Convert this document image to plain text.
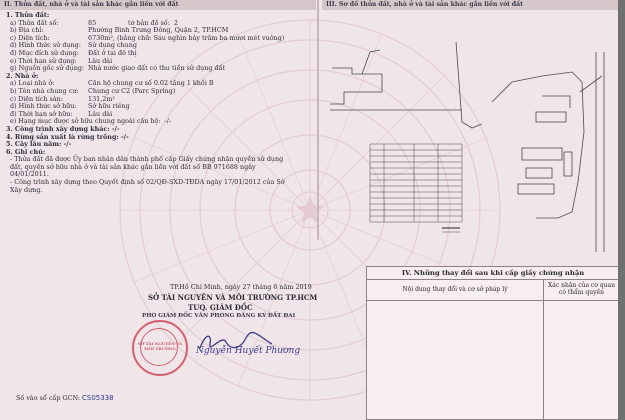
II. Thửa đất, nhà ở và tài sản khác gắn liền với đất	III. Sơ đồ thửa đất, nhà ở và tài sản khác gắn liền với đất
1. Thửa đất:
a) Thửa đất số:	85	tờ bản đồ số: 2
b) Địa chỉ:	Phường Bình Trưng Đông, Quận 2, TP.HCM
c) Diện tích:	6730m², (bằng chữ: Sáu nghìn bảy trăm ba mươi mét vuông)
d) Hình thức sử dụng:	Sử dụng chung
đ) Mục đích sử dụng:	Đất ở tại đô thị
e) Thời hạn sử dụng:	Lâu dài
g) Nguồn gốc sử dụng: Nhà nước giao đất có thu tiền sử dụng đất
2. Nhà ở:
a) Loại nhà ở:	Căn hộ chung cư số 0.02 tầng 1 khối B
b) Tên nhà chung cư:	Chung cư C2 (Parc Spring)
c) Diện tích sàn:	131,2m²
d) Hình thức sở hữu:	Sở hữu riêng
đ) Thời hạn sở hữu:	Lâu dài
e) Hạng mục được sở hữu chung ngoài căn hộ: -/-
3. Công trình xây dựng khác: -/-
4. Rừng sản xuất là rừng trồng: -/-
5. Cây lâu năm: -/-
6. Ghi chú:
- Thửa đất đã được Ủy ban nhân dân thành phố cấp Giấy chứng nhận quyền sử dụng đất, quyền sở hữu nhà ở và tài sản khác gắn liền với đất số BB 971688 ngày 04/01/2011.
- Công trình xây dựng theo Quyết định số 02/QĐ-SXD-TĐDA ngày 17/01/2012 của Sở Xây dựng.
TP.Hồ Chí Minh, ngày 27 tháng 6 năm 2019
SỞ TÀI NGUYÊN VÀ MÔI TRƯỜNG TP.HCM
TUQ. GIÁM ĐỐC
PHÓ GIÁM ĐỐC VĂN PHÒNG ĐĂNG KÝ ĐẤT ĐAI
SỞ TÀI NGUYÊN VÀ MÔI TRƯỜNG	Nguyễn Huyết Phương
Số vào sổ cấp GCN: CS05338
IV. Những thay đổi sau khi cấp giấy chứng nhận
Nội dung thay đổi và cơ sở pháp lý
Xác nhận của cơ quan có thẩm quyền
